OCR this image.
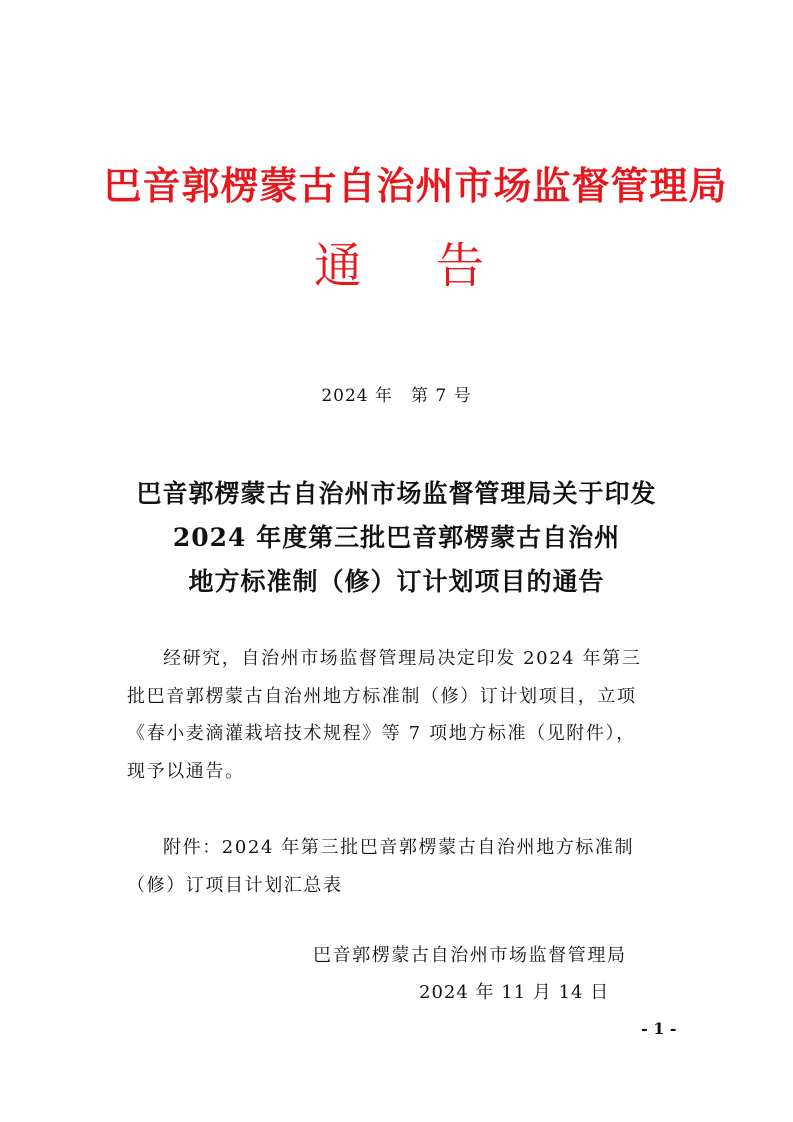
巴音郭楞蒙古自治州市场监督管理局
通 告
2024 年　第 7 号
巴音郭楞蒙古自治州市场监督管理局关于印发
2024 年度第三批巴音郭楞蒙古自治州
地方标准制（修）订计划项目的通告
经研究，自治州市场监督管理局决定印发 2024 年第三
批巴音郭楞蒙古自治州地方标准制（修）订计划项目，立项
《春小麦滴灌栽培技术规程》等 7 项地方标准（见附件），
现予以通告。
附件：2024 年第三批巴音郭楞蒙古自治州地方标准制
（修）订项目计划汇总表
巴音郭楞蒙古自治州市场监督管理局
2024 年 11 月 14 日
- 1 -
